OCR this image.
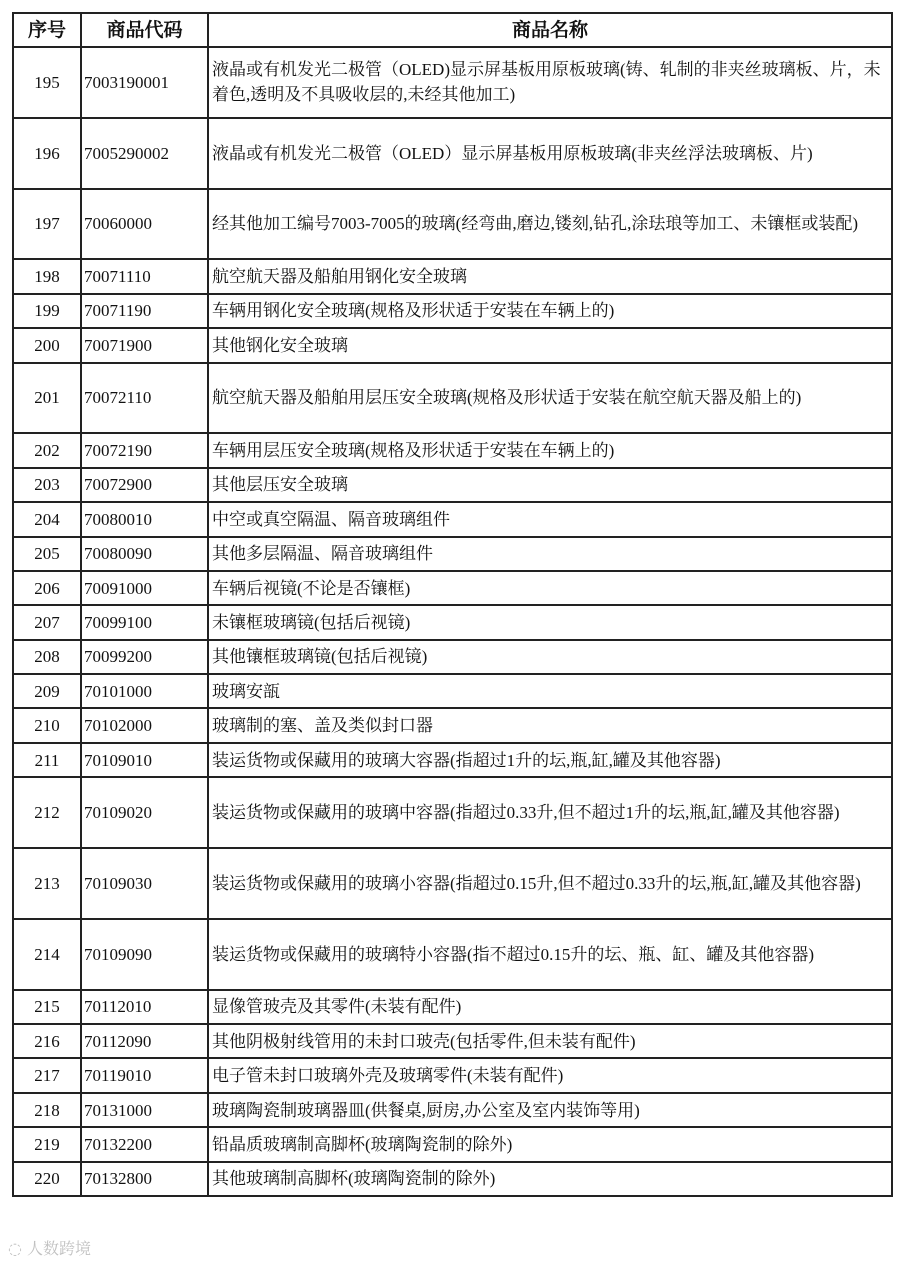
序号	商品代码	商品名称
195	7003190001	液晶或有机发光二极管（OLED)显示屏基板用原板玻璃(铸、轧制的非夹丝玻璃板、片，未着色,透明及不具吸收层的,未经其他加工)
196	7005290002	液晶或有机发光二极管（OLED）显示屏基板用原板玻璃(非夹丝浮法玻璃板、片)
197	70060000	经其他加工编号7003-7005的玻璃(经弯曲,磨边,镂刻,钻孔,涂珐琅等加工、未镶框或装配)
198	70071110	航空航天器及船舶用钢化安全玻璃
199	70071190	车辆用钢化安全玻璃(规格及形状适于安装在车辆上的)
200	70071900	其他钢化安全玻璃
201	70072110	航空航天器及船舶用层压安全玻璃(规格及形状适于安装在航空航天器及船上的)
202	70072190	车辆用层压安全玻璃(规格及形状适于安装在车辆上的)
203	70072900	其他层压安全玻璃
204	70080010	中空或真空隔温、隔音玻璃组件
205	70080090	其他多层隔温、隔音玻璃组件
206	70091000	车辆后视镜(不论是否镶框)
207	70099100	未镶框玻璃镜(包括后视镜)
208	70099200	其他镶框玻璃镜(包括后视镜)
209	70101000	玻璃安瓿
210	70102000	玻璃制的塞、盖及类似封口器
211	70109010	装运货物或保藏用的玻璃大容器(指超过1升的坛,瓶,缸,罐及其他容器)
212	70109020	装运货物或保藏用的玻璃中容器(指超过0.33升,但不超过1升的坛,瓶,缸,罐及其他容器)
213	70109030	装运货物或保藏用的玻璃小容器(指超过0.15升,但不超过0.33升的坛,瓶,缸,罐及其他容器)
214	70109090	装运货物或保藏用的玻璃特小容器(指不超过0.15升的坛、瓶、缸、罐及其他容器)
215	70112010	显像管玻壳及其零件(未装有配件)
216	70112090	其他阴极射线管用的未封口玻壳(包括零件,但未装有配件)
217	70119010	电子管未封口玻璃外壳及玻璃零件(未装有配件)
218	70131000	玻璃陶瓷制玻璃器皿(供餐桌,厨房,办公室及室内装饰等用)
219	70132200	铅晶质玻璃制高脚杯(玻璃陶瓷制的除外)
220	70132800	其他玻璃制高脚杯(玻璃陶瓷制的除外)
◌ 人数跨境
